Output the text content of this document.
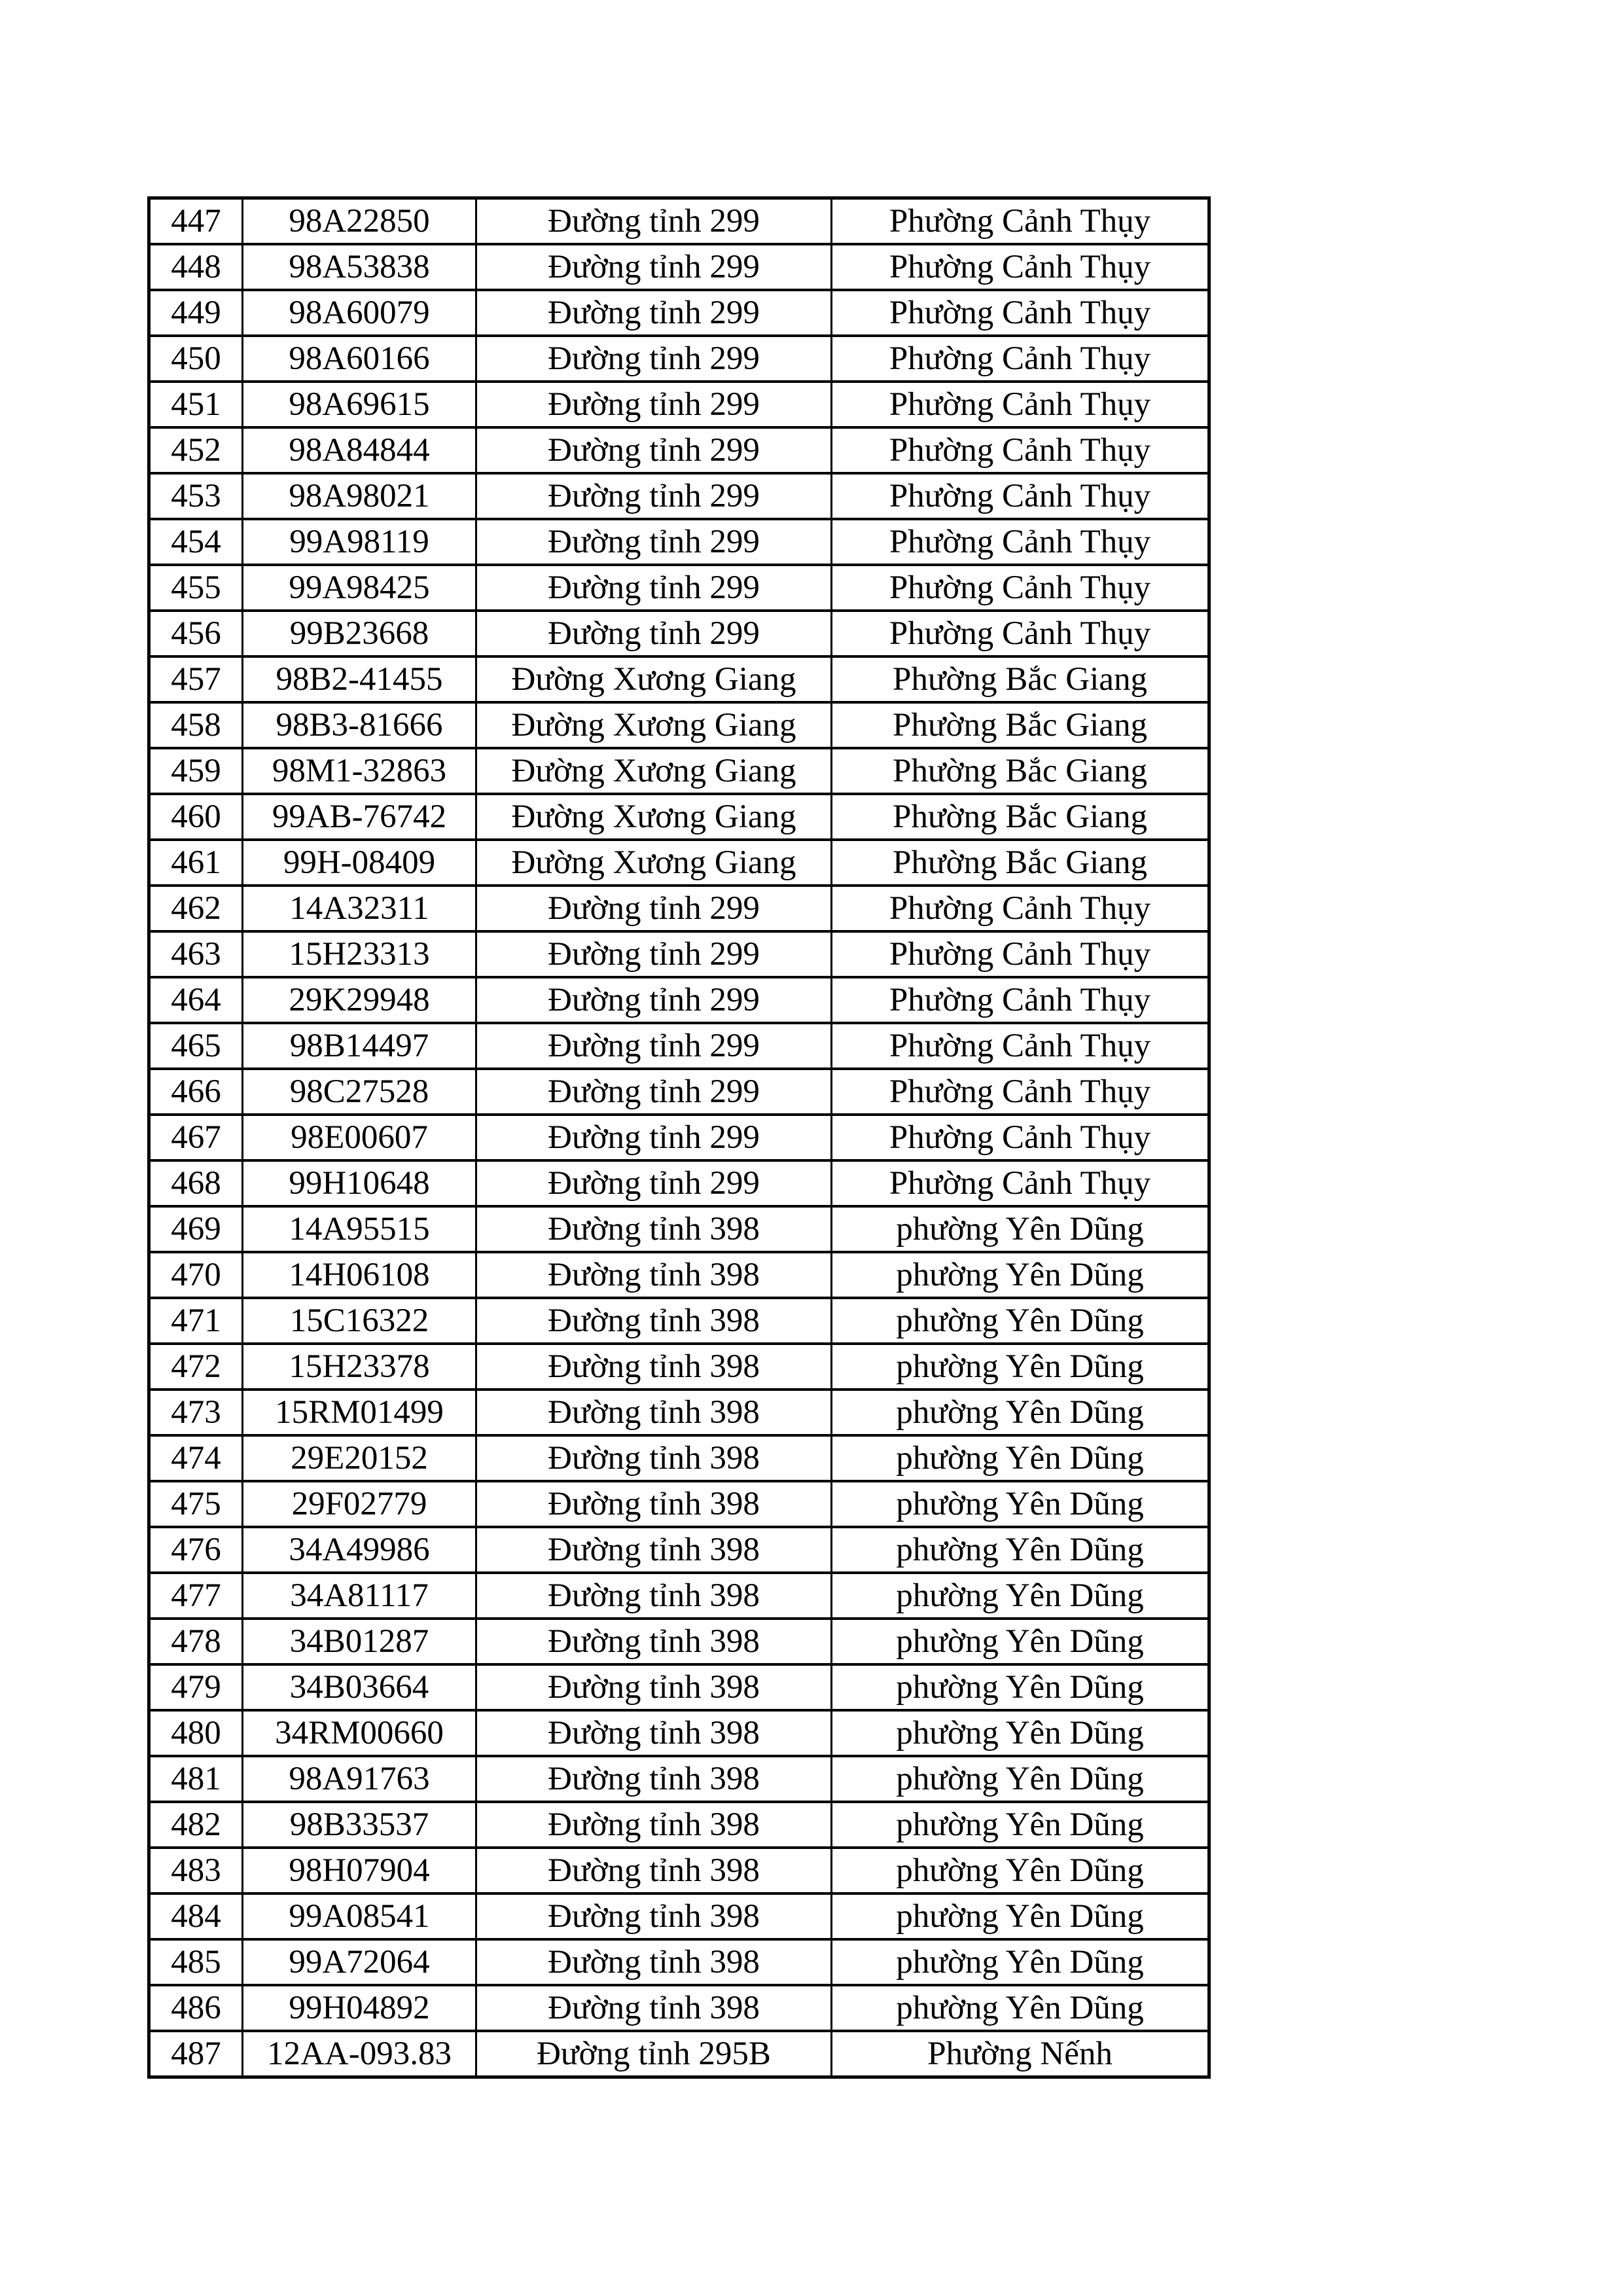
447	98A22850	Đường tỉnh 299	Phường Cảnh Thụy
448	98A53838	Đường tỉnh 299	Phường Cảnh Thụy
449	98A60079	Đường tỉnh 299	Phường Cảnh Thụy
450	98A60166	Đường tỉnh 299	Phường Cảnh Thụy
451	98A69615	Đường tỉnh 299	Phường Cảnh Thụy
452	98A84844	Đường tỉnh 299	Phường Cảnh Thụy
453	98A98021	Đường tỉnh 299	Phường Cảnh Thụy
454	99A98119	Đường tỉnh 299	Phường Cảnh Thụy
455	99A98425	Đường tỉnh 299	Phường Cảnh Thụy
456	99B23668	Đường tỉnh 299	Phường Cảnh Thụy
457	98B2-41455	Đường Xương Giang	Phường Bắc Giang
458	98B3-81666	Đường Xương Giang	Phường Bắc Giang
459	98M1-32863	Đường Xương Giang	Phường Bắc Giang
460	99AB-76742	Đường Xương Giang	Phường Bắc Giang
461	99H-08409	Đường Xương Giang	Phường Bắc Giang
462	14A32311	Đường tỉnh 299	Phường Cảnh Thụy
463	15H23313	Đường tỉnh 299	Phường Cảnh Thụy
464	29K29948	Đường tỉnh 299	Phường Cảnh Thụy
465	98B14497	Đường tỉnh 299	Phường Cảnh Thụy
466	98C27528	Đường tỉnh 299	Phường Cảnh Thụy
467	98E00607	Đường tỉnh 299	Phường Cảnh Thụy
468	99H10648	Đường tỉnh 299	Phường Cảnh Thụy
469	14A95515	Đường tỉnh 398	phường Yên Dũng
470	14H06108	Đường tỉnh 398	phường Yên Dũng
471	15C16322	Đường tỉnh 398	phường Yên Dũng
472	15H23378	Đường tỉnh 398	phường Yên Dũng
473	15RM01499	Đường tỉnh 398	phường Yên Dũng
474	29E20152	Đường tỉnh 398	phường Yên Dũng
475	29F02779	Đường tỉnh 398	phường Yên Dũng
476	34A49986	Đường tỉnh 398	phường Yên Dũng
477	34A81117	Đường tỉnh 398	phường Yên Dũng
478	34B01287	Đường tỉnh 398	phường Yên Dũng
479	34B03664	Đường tỉnh 398	phường Yên Dũng
480	34RM00660	Đường tỉnh 398	phường Yên Dũng
481	98A91763	Đường tỉnh 398	phường Yên Dũng
482	98B33537	Đường tỉnh 398	phường Yên Dũng
483	98H07904	Đường tỉnh 398	phường Yên Dũng
484	99A08541	Đường tỉnh 398	phường Yên Dũng
485	99A72064	Đường tỉnh 398	phường Yên Dũng
486	99H04892	Đường tỉnh 398	phường Yên Dũng
487	12AA-093.83	Đường tỉnh 295B	Phường Nếnh
